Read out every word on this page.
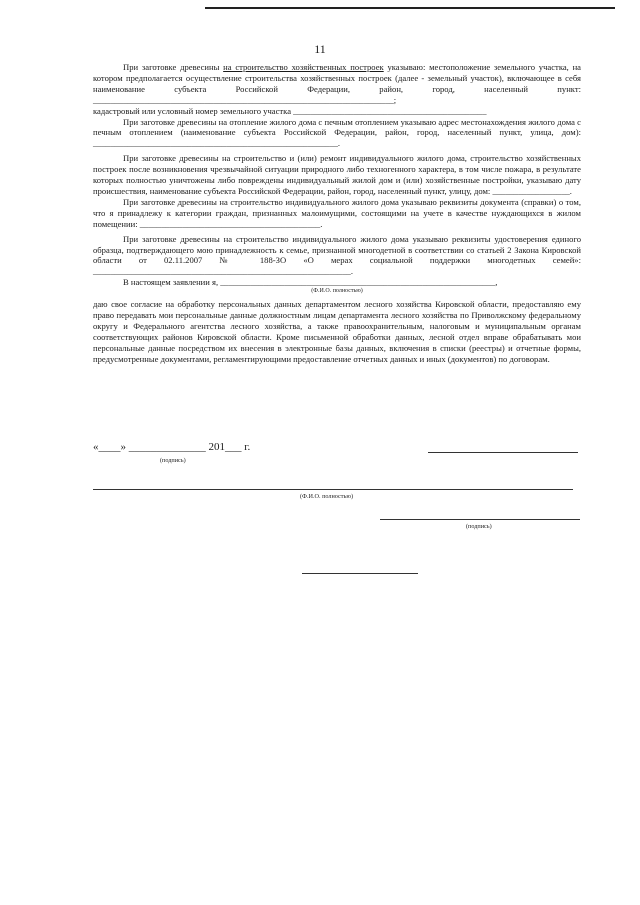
11

При заготовке древесины на строительство хозяйственных построек указываю: местоположение земельного участка, на котором предполагается осуществление строительства хозяйственных построек (далее - земельный участок), включающее в себя наименование субъекта Российской Федерации, район, город, населенный пункт: ______________________________________________________________________;

кадастровый или условный номер земельного участка _____________________________________________

При заготовке древесины на отопление жилого дома с печным отоплением указываю адрес местонахождения жилого дома с печным отоплением (наименование субъекта Российской Федерации, район, город, населенный пункт, улица, дом): _________________________________________________________.

При заготовке древесины на строительство и (или) ремонт индивидуального жилого дома, строительство хозяйственных построек после возникновения чрезвычайной ситуации природного либо техногенного характера, в том числе пожара, в результате которых полностью уничтожены либо повреждены индивидуальный жилой дом и (или) хозяйственные постройки, указываю дату происшествия, наименование субъекта Российской Федерации, район, город, населенный пункт, улицу, дом: __________________.

При заготовке древесины на строительство индивидуального жилого дома указываю реквизиты документа (справки) о том, что я принадлежу к категории граждан, признанных малоимущими, состоящими на учете в качестве нуждающихся в жилом помещении: __________________________________________.

При заготовке древесины на строительство индивидуального жилого дома указываю реквизиты удостоверения единого образца, подтверждающего мою принадлежность к семье, признанной многодетной в соответствии со статьей 2 Закона Кировской области от 02.11.2007 № 188-ЗО «О мерах социальной поддержки многодетных семей»: ____________________________________________________________.

В настоящем заявлении я, ________________________________________________________________,

(Ф.И.О. полностью)

даю свое согласие на обработку персональных данных департаментом лесного хозяйства Кировской области, предоставляю ему право передавать мои персональные данные должностным лицам департамента лесного хозяйства по Приволжскому федеральному округу и Федерального агентства лесного хозяйства, а также правоохранительным, налоговым и муниципальным органам соответствующих районов Кировской области. Кроме письменной обработки данных, лесной отдел вправе обрабатывать мои персональные данные посредством их внесения в электронные базы данных, включения в списки (реестры) и отчетные формы, предусмотренные документами, регламентирующими предоставление отчетных данных и иных (документов) по договорам.

«____» ______________ 201___ г.
(подпись)
(Ф.И.О. полностью)
(подпись)
